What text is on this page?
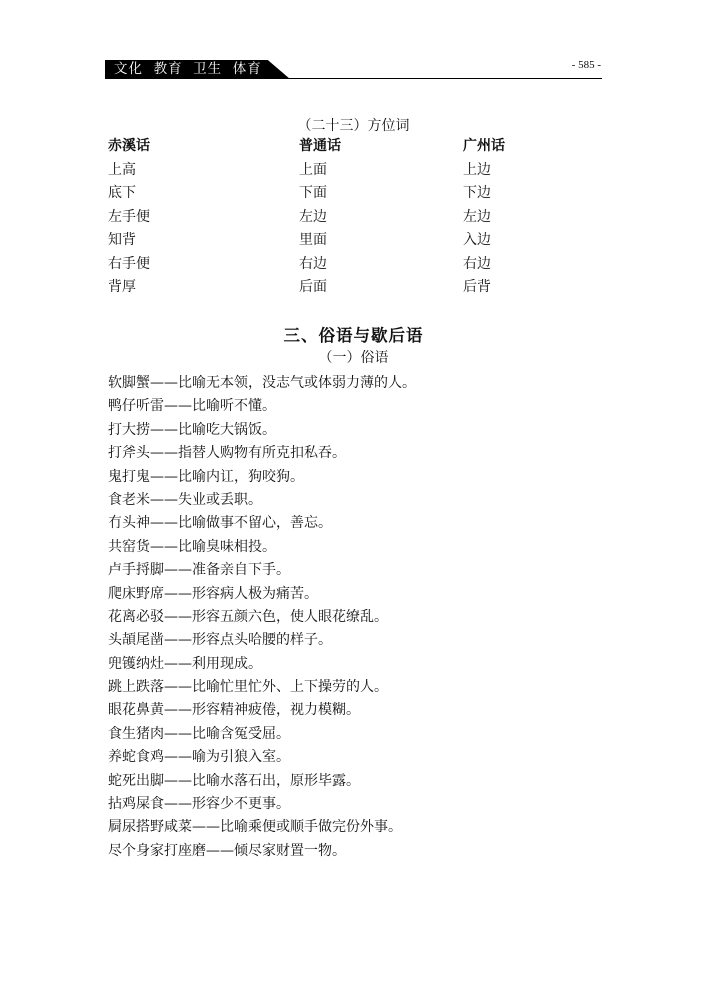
文化  教育  卫生  体育	- 585 -
（二十三）方位词
赤溪话
上高
底下
左手便
知背
右手便
背厚
普通话
上面
下面
左边
里面
右边
后面
广州话
上边
下边
左边
入边
右边
后背
三、俗语与歇后语
（一）俗语
软脚蟹——比喻无本领，没志气或体弱力薄的人。
鸭仔听雷——比喻听不懂。
打大捞——比喻吃大锅饭。
打斧头——指替人购物有所克扣私吞。
鬼打鬼——比喻内讧，狗咬狗。
食老米——失业或丢职。
冇头神——比喻做事不留心，善忘。
共窑货——比喻臭味相投。
卢手捋脚——准备亲自下手。
爬床野席——形容病人极为痛苦。
花离必驳——形容五颜六色，使人眼花缭乱。
头頡尾凿——形容点头哈腰的样子。
兜镬纳灶——利用现成。
跳上跌落——比喻忙里忙外、上下操劳的人。
眼花鼻黄——形容精神疲倦，视力模糊。
食生猪肉——比喻含冤受屈。
养蛇食鸡——喻为引狼入室。
蛇死出脚——比喻水落石出，原形毕露。
拈鸡屎食——形容少不更事。
屙尿搭野咸菜——比喻乘便或顺手做完份外事。
尽个身家打座磨——倾尽家财置一物。
